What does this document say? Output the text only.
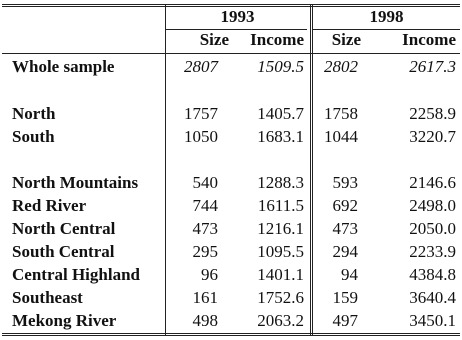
1993	1998
Size	Income	Size	Income
Whole sample	2807	1509.5	2802	2617.3
North	1757	1405.7	1758	2258.9
South	1050	1683.1	1044	3220.7
North Mountains	540	1288.3	593	2146.6
Red River	744	1611.5	692	2498.0
North Central	473	1216.1	473	2050.0
South Central	295	1095.5	294	2233.9
Central Highland	96	1401.1	94	4384.8
Southeast	161	1752.6	159	3640.4
Mekong River	498	2063.2	497	3450.1
